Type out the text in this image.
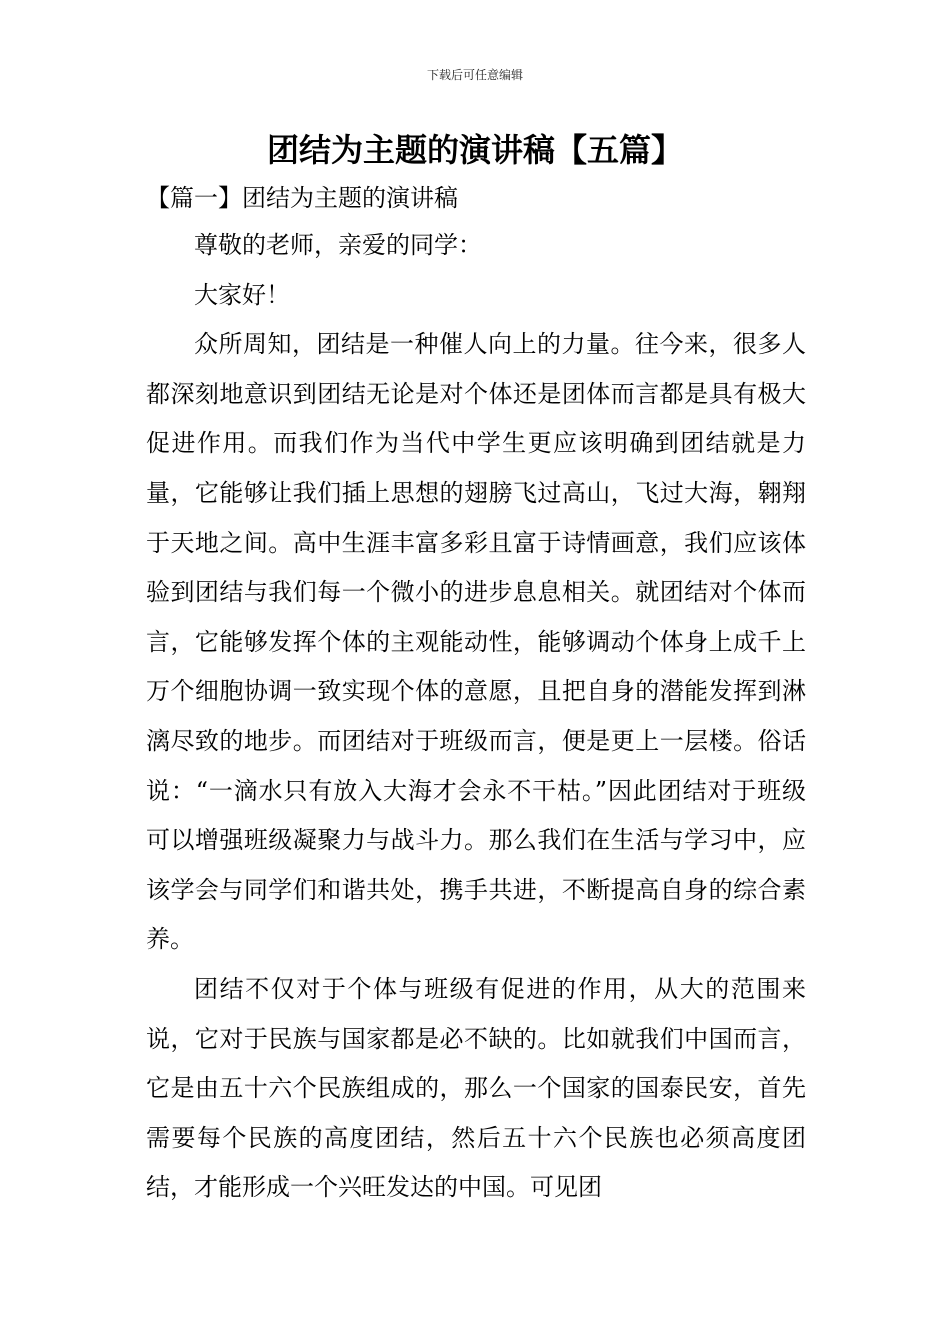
下载后可任意编辑
团结为主题的演讲稿【五篇】
【篇一】团结为主题的演讲稿

尊敬的老师，亲爱的同学：

大家好！

众所周知，团结是一种催人向上的力量。往今来，很多人都深刻地意识到团结无论是对个体还是团体而言都是具有极大促进作用。而我们作为当代中学生更应该明确到团结就是力量，它能够让我们插上思想的翅膀飞过高山，飞过大海，翱翔于天地之间。高中生涯丰富多彩且富于诗情画意，我们应该体验到团结与我们每一个微小的进步息息相关。就团结对个体而言，它能够发挥个体的主观能动性，能够调动个体身上成千上万个细胞协调一致实现个体的意愿，且把自身的潜能发挥到淋漓尽致的地步。而团结对于班级而言，便是更上一层楼。俗话说：“一滴水只有放入大海才会永不干枯。”因此团结对于班级可以增强班级凝聚力与战斗力。那么我们在生活与学习中，应该学会与同学们和谐共处，携手共进，不断提高自身的综合素养。

团结不仅对于个体与班级有促进的作用，从大的范围来说，它对于民族与国家都是必不缺的。比如就我们中国而言，它是由五十六个民族组成的，那么一个国家的国泰民安，首先需要每个民族的高度团结，然后五十六个民族也必须高度团结，才能形成一个兴旺发达的中国。可见团
